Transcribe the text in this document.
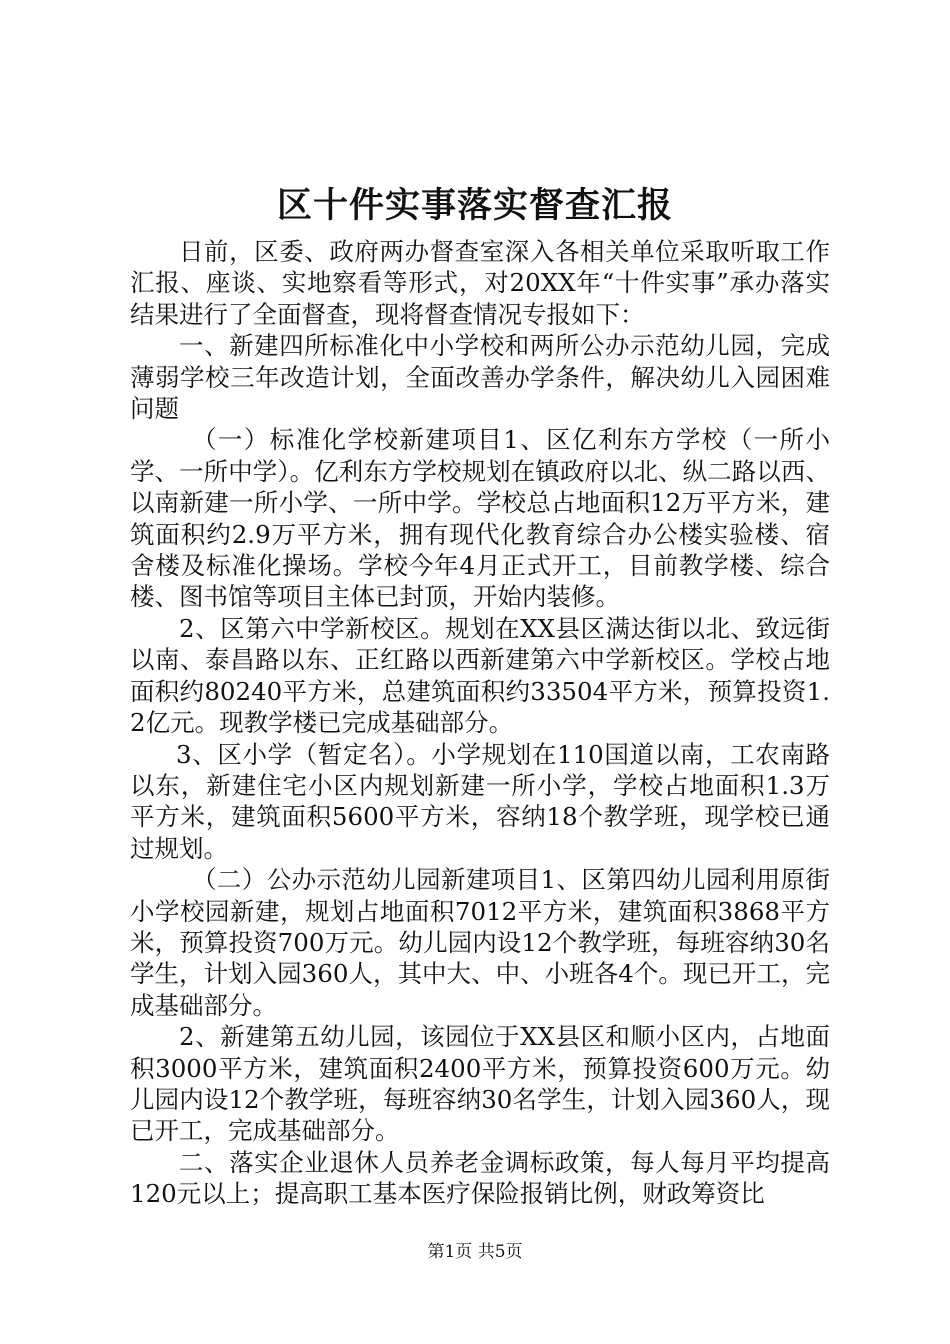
区十件实事落实督查汇报

日前，区委、政府两办督查室深入各相关单位采取听取工作汇报、座谈、实地察看等形式，对20XX年“十件实事”承办落实结果进行了全面督查，现将督查情况专报如下：

一、新建四所标准化中小学校和两所公办示范幼儿园，完成薄弱学校三年改造计划，全面改善办学条件，解决幼儿入园困难问题

（一）标准化学校新建项目1、区亿利东方学校（一所小学、一所中学）。亿利东方学校规划在镇政府以北、纵二路以西、以南新建一所小学、一所中学。学校总占地面积12万平方米，建筑面积约2.9万平方米，拥有现代化教育综合办公楼实验楼、宿舍楼及标准化操场。学校今年4月正式开工，目前教学楼、综合楼、图书馆等项目主体已封顶，开始内装修。

2、区第六中学新校区。规划在XX县区满达街以北、致远街以南、泰昌路以东、正红路以西新建第六中学新校区。学校占地面积约80240平方米，总建筑面积约33504平方米，预算投资1.2亿元。现教学楼已完成基础部分。

3、区小学（暂定名）。小学规划在110国道以南，工农南路以东，新建住宅小区内规划新建一所小学，学校占地面积1.3万平方米，建筑面积5600平方米，容纳18个教学班，现学校已通过规划。

（二）公办示范幼儿园新建项目1、区第四幼儿园利用原街小学校园新建，规划占地面积7012平方米，建筑面积3868平方米，预算投资700万元。幼儿园内设12个教学班，每班容纳30名学生，计划入园360人，其中大、中、小班各4个。现已开工，完成基础部分。

2、新建第五幼儿园，该园位于XX县区和顺小区内，占地面积3000平方米，建筑面积2400平方米，预算投资600万元。幼儿园内设12个教学班，每班容纳30名学生，计划入园360人，现已开工，完成基础部分。

二、落实企业退休人员养老金调标政策，每人每月平均提高120元以上；提高职工基本医疗保险报销比例，财政筹资比

第1页 共5页
